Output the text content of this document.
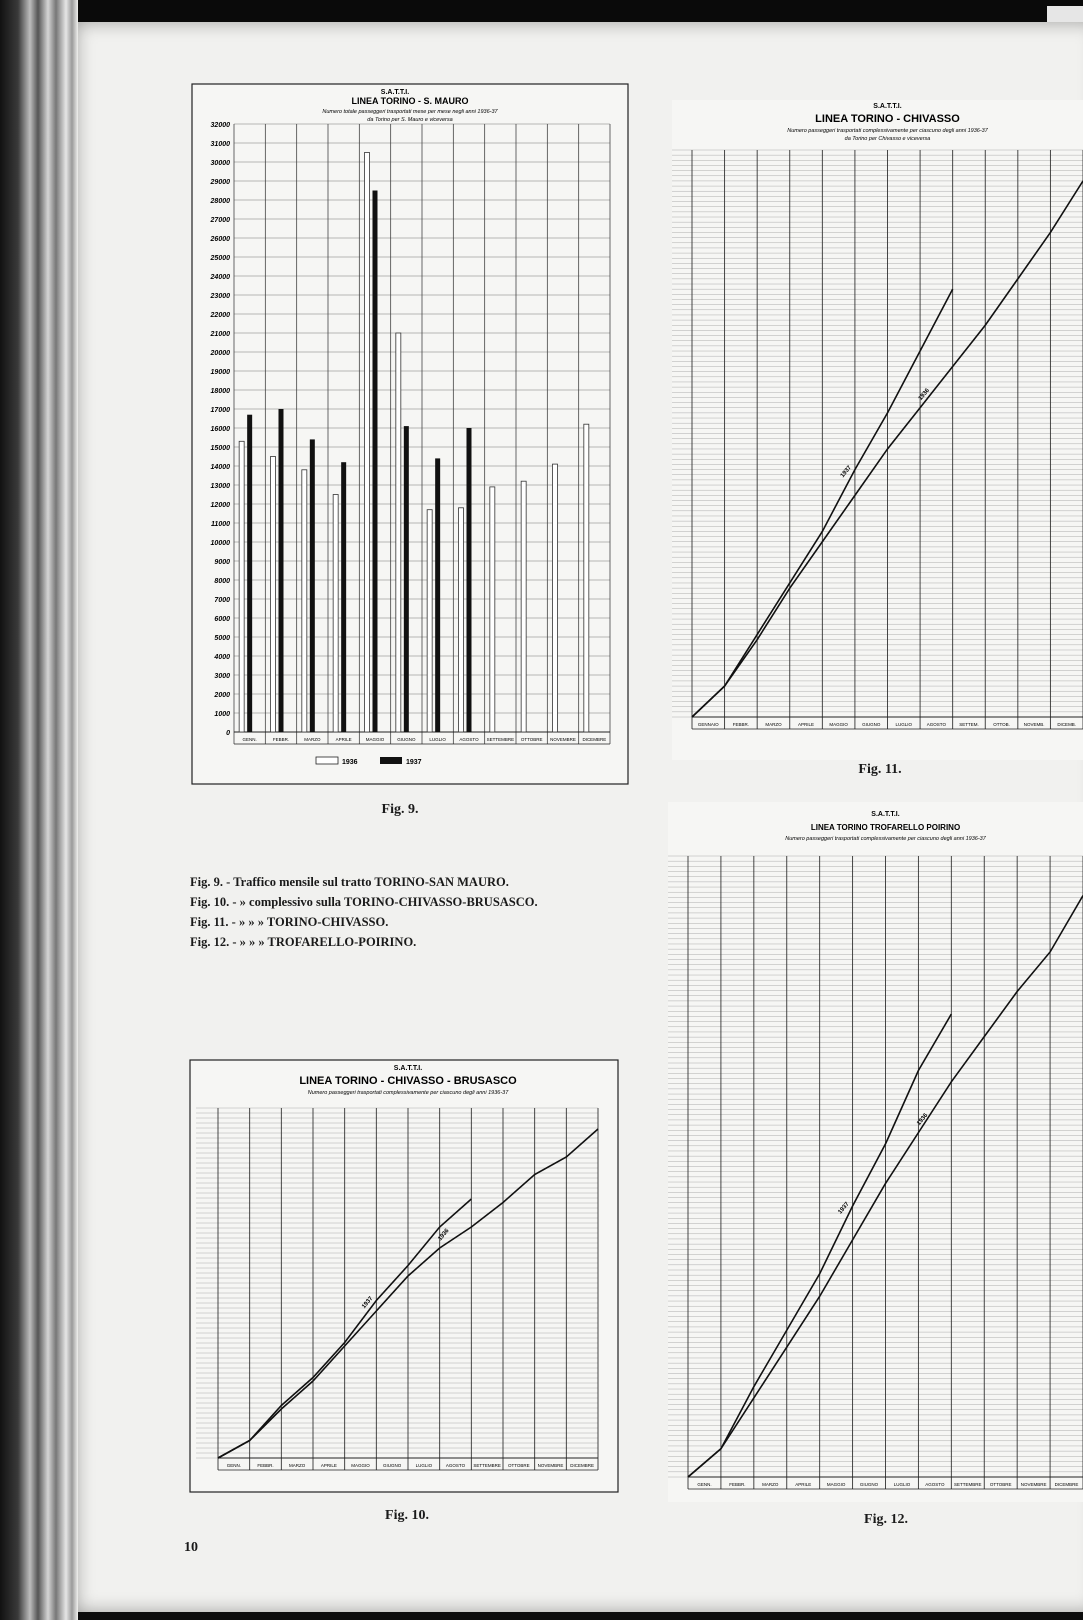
S.A.T.T.I.
LINEA TORINO - S. MAURO
Numero totale passeggeri trasportati mese per mese negli anni 1936-37
da Torino per S. Mauro e viceversa
32000
31000
30000
29000
28000
27000
26000
25000
24000
23000
22000
21000
20000
19000
18000
17000
16000
15000
14000
13000
12000
11000
10000
9000
8000
7000
6000
5000
4000
3000
2000
1000
0
GENN.	FEBBR.	MARZO	APRILE	MAGGIO	GIUGNO	LUGLIO	AGOSTO SETTEMBRE OTTOBRE NOVEMBRE DICEMBRE
1936	1937
Fig. 9.
Fig. 9. - Traffico mensile sul tratto TORINO-SAN MAURO.
Fig. 10. - » complessivo sulla TORINO-CHIVASSO-BRUSASCO.
Fig. 11. - » » » TORINO-CHIVASSO.
Fig. 12. - » » » TROFARELLO-POIRINO.
S.A.T.T.I.
LINEA TORINO - CHIVASSO - BRUSASCO
Numero passeggeri trasportati complessivamente per ciascuno degli anni 1936-37
GENN.	FEBBR.	MARZO	APRILE	MAGGIO	GIUGNO	LUGLIO	AGOSTO SETTEMBRE OTTOBRE NOVEMBRE DICEMBRE
1936
1937
Fig. 10.
S.A.T.T.I.
LINEA TORINO - CHIVASSO
Numero passeggeri trasportati complessivamente per ciascuno degli anni 1936-37
da Torino per Chivasso e viceversa
GENNAIO	FEBBR.	MARZO	APRILE	MAGGIO	GIUGNO	LUGLIO	AGOSTO	SETTEM.	OTTOB.	NOVEMB.	DICEMB.
1936
1937
Fig. 11.
S.A.T.T.I.
LINEA TORINO TROFARELLO POIRINO
Numero passeggeri trasportati complessivamente per ciascuno degli anni 1936-37
GENN.	FEBBR.	MARZO	APRILE	MAGGIO	GIUGNO	LUGLIO	AGOSTO SETTEMBRE OTTOBRE NOVEMBRE DICEMBRE
1936
1937
Fig. 12.
10
